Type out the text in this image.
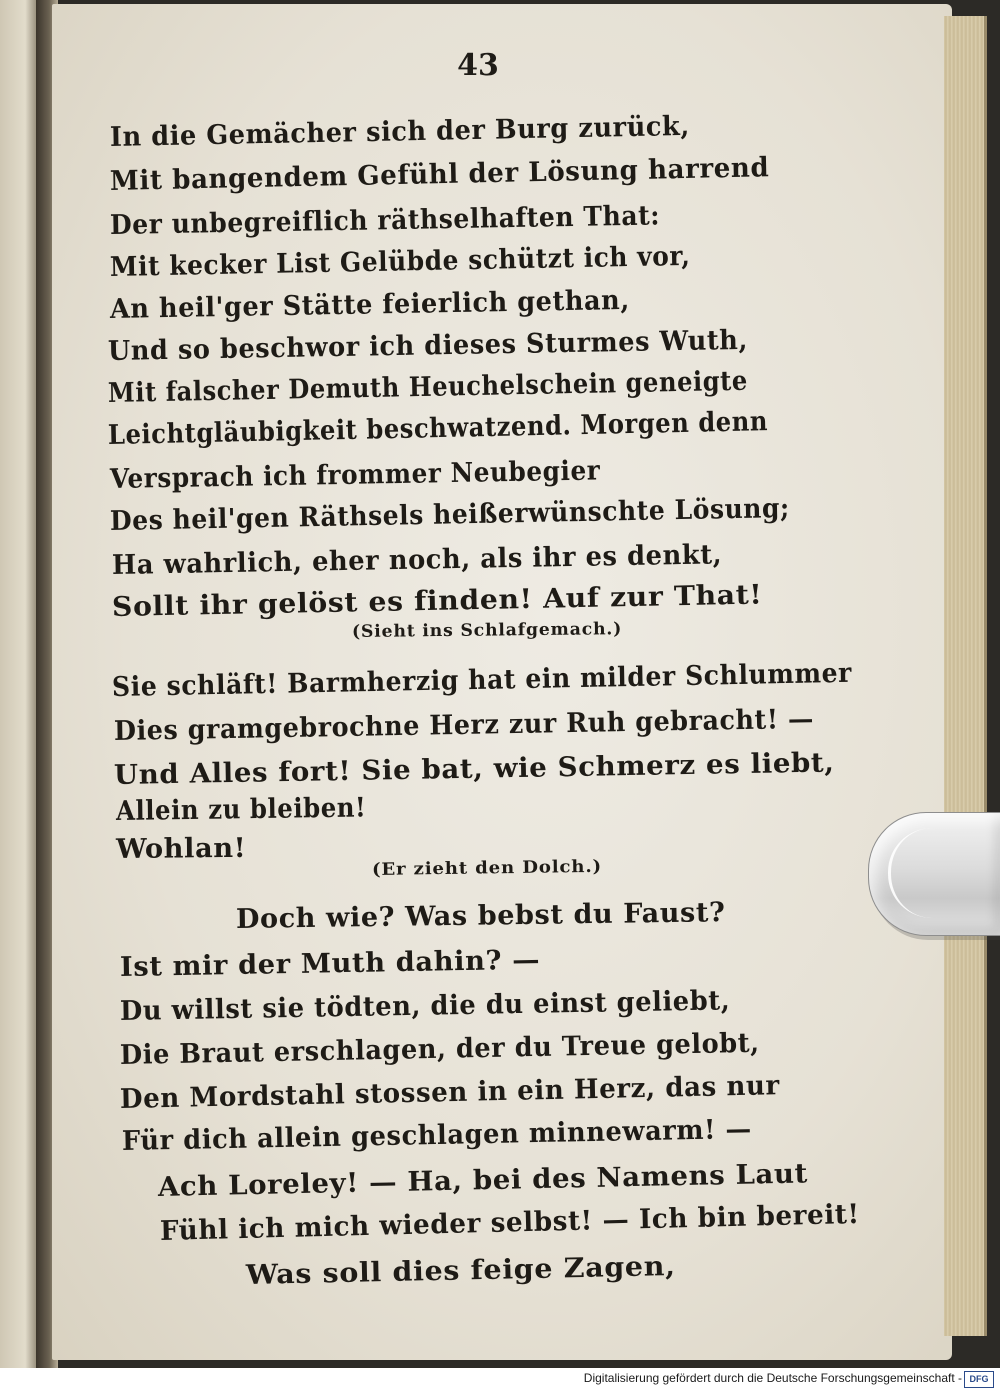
43
In die Gemächer sich der Burg zurück,
Mit bangendem Gefühl der Lösung harrend
Der unbegreiflich räthselhaften That:
Mit kecker List Gelübde schützt ich vor,
An heil'ger Stätte feierlich gethan,
Und so beschwor ich dieses Sturmes Wuth,
Mit falscher Demuth Heuchelschein geneigte
Leichtgläubigkeit beschwatzend. Morgen denn
Versprach ich frommer Neubegier
Des heil'gen Räthsels heißerwünschte Lösung;
Ha wahrlich, eher noch, als ihr es denkt,
Sollt ihr gelöst es finden! Auf zur That!
(Sieht ins Schlafgemach.)
Sie schläft! Barmherzig hat ein milder Schlummer
Dies gramgebrochne Herz zur Ruh gebracht! —
Und Alles fort! Sie bat, wie Schmerz es liebt,
Allein zu bleiben!
Wohlan!
(Er zieht den Dolch.)
Doch wie? Was bebst du Faust?
Ist mir der Muth dahin? —
Du willst sie tödten, die du einst geliebt,
Die Braut erschlagen, der du Treue gelobt,
Den Mordstahl stossen in ein Herz, das nur
Für dich allein geschlagen minnewarm! —
Ach Loreley! — Ha, bei des Namens Laut
Fühl ich mich wieder selbst! — Ich bin bereit!
Was soll dies feige Zagen,
Digitalisierung gefördert durch die Deutsche Forschungsgemeinschaft - DFG
